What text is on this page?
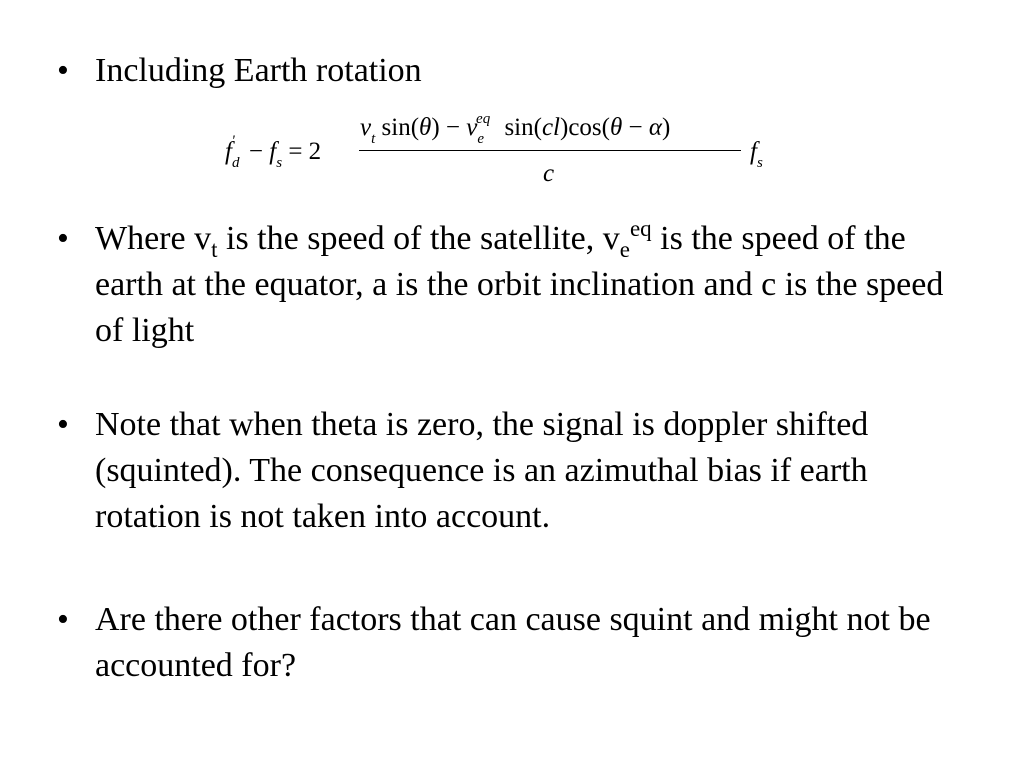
• Including Earth rotation
$f_d' - f_s = 2$
$v_t$ $\sin(\theta) - v_e^{eq}$ sin(cl)cos(θ − α)
c
$f_s$
• Where $v_t$ is the speed of the satellite, $v_e^{eq}$ is the speed of the earth at the equator, a is the orbit inclination and c is the speed of light
• Note that when theta is zero, the signal is doppler shifted (squinted). The consequence is an azimuthal bias if earth rotation is not taken into account.
• Are there other factors that can cause squint and might not be accounted for?
